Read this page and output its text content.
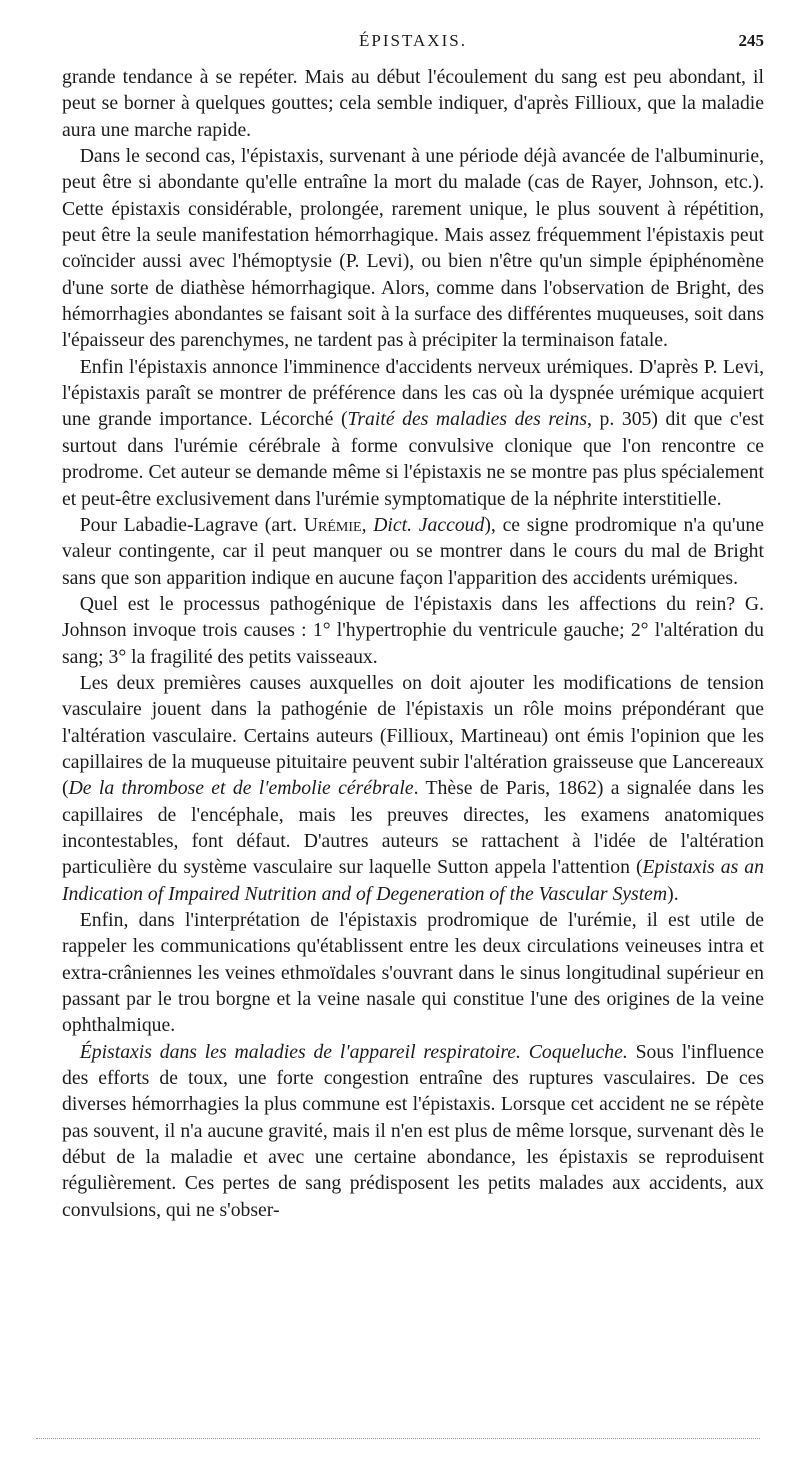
ÉPISTAXIS.	245

grande tendance à se repéter. Mais au début l'écoulement du sang est peu abondant, il peut se borner à quelques gouttes; cela semble indiquer, d'après Fillioux, que la maladie aura une marche rapide.

Dans le second cas, l'épistaxis, survenant à une période déjà avancée de l'albuminurie, peut être si abondante qu'elle entraîne la mort du malade (cas de Rayer, Johnson, etc.). Cette épistaxis considérable, prolongée, rarement unique, le plus souvent à répétition, peut être la seule manifestation hémorrhagique. Mais assez fréquemment l'épistaxis peut coïncider aussi avec l'hémoptysie (P. Levi), ou bien n'être qu'un simple épiphénomène d'une sorte de diathèse hémorrhagique. Alors, comme dans l'observation de Bright, des hémorrhagies abondantes se faisant soit à la surface des différentes muqueuses, soit dans l'épaisseur des parenchymes, ne tardent pas à précipiter la terminaison fatale.

Enfin l'épistaxis annonce l'imminence d'accidents nerveux urémiques. D'après P. Levi, l'épistaxis paraît se montrer de préférence dans les cas où la dyspnée urémique acquiert une grande importance. Lécorché (Traité des maladies des reins, p. 305) dit que c'est surtout dans l'urémie cérébrale à forme convulsive clonique que l'on rencontre ce prodrome. Cet auteur se demande même si l'épistaxis ne se montre pas plus spécialement et peut-être exclusivement dans l'urémie symptomatique de la néphrite interstitielle.

Pour Labadie-Lagrave (art. Urémie, Dict. Jaccoud), ce signe prodromique n'a qu'une valeur contingente, car il peut manquer ou se montrer dans le cours du mal de Bright sans que son apparition indique en aucune façon l'apparition des accidents urémiques.

Quel est le processus pathogénique de l'épistaxis dans les affections du rein? G. Johnson invoque trois causes : 1° l'hypertrophie du ventricule gauche; 2° l'altération du sang; 3° la fragilité des petits vaisseaux.

Les deux premières causes auxquelles on doit ajouter les modifications de tension vasculaire jouent dans la pathogénie de l'épistaxis un rôle moins prépondérant que l'altération vasculaire. Certains auteurs (Fillioux, Martineau) ont émis l'opinion que les capillaires de la muqueuse pituitaire peuvent subir l'altération graisseuse que Lancereaux (De la thrombose et de l'embolie cérébrale. Thèse de Paris, 1862) a signalée dans les capillaires de l'encéphale, mais les preuves directes, les examens anatomiques incontestables, font défaut. D'autres auteurs se rattachent à l'idée de l'altération particulière du système vasculaire sur laquelle Sutton appela l'attention (Epistaxis as an Indication of Impaired Nutrition and of Degeneration of the Vascular System).

Enfin, dans l'interprétation de l'épistaxis prodromique de l'urémie, il est utile de rappeler les communications qu'établissent entre les deux circulations veineuses intra et extra-crâniennes les veines ethmoïdales s'ouvrant dans le sinus longitudinal supérieur en passant par le trou borgne et la veine nasale qui constitue l'une des origines de la veine ophthalmique.

Épistaxis dans les maladies de l'appareil respiratoire. Coqueluche. Sous l'influence des efforts de toux, une forte congestion entraîne des ruptures vasculaires. De ces diverses hémorrhagies la plus commune est l'épistaxis. Lorsque cet accident ne se répète pas souvent, il n'a aucune gravité, mais il n'en est plus de même lorsque, survenant dès le début de la maladie et avec une certaine abondance, les épistaxis se reproduisent régulièrement. Ces pertes de sang prédisposent les petits malades aux accidents, aux convulsions, qui ne s'obser-
